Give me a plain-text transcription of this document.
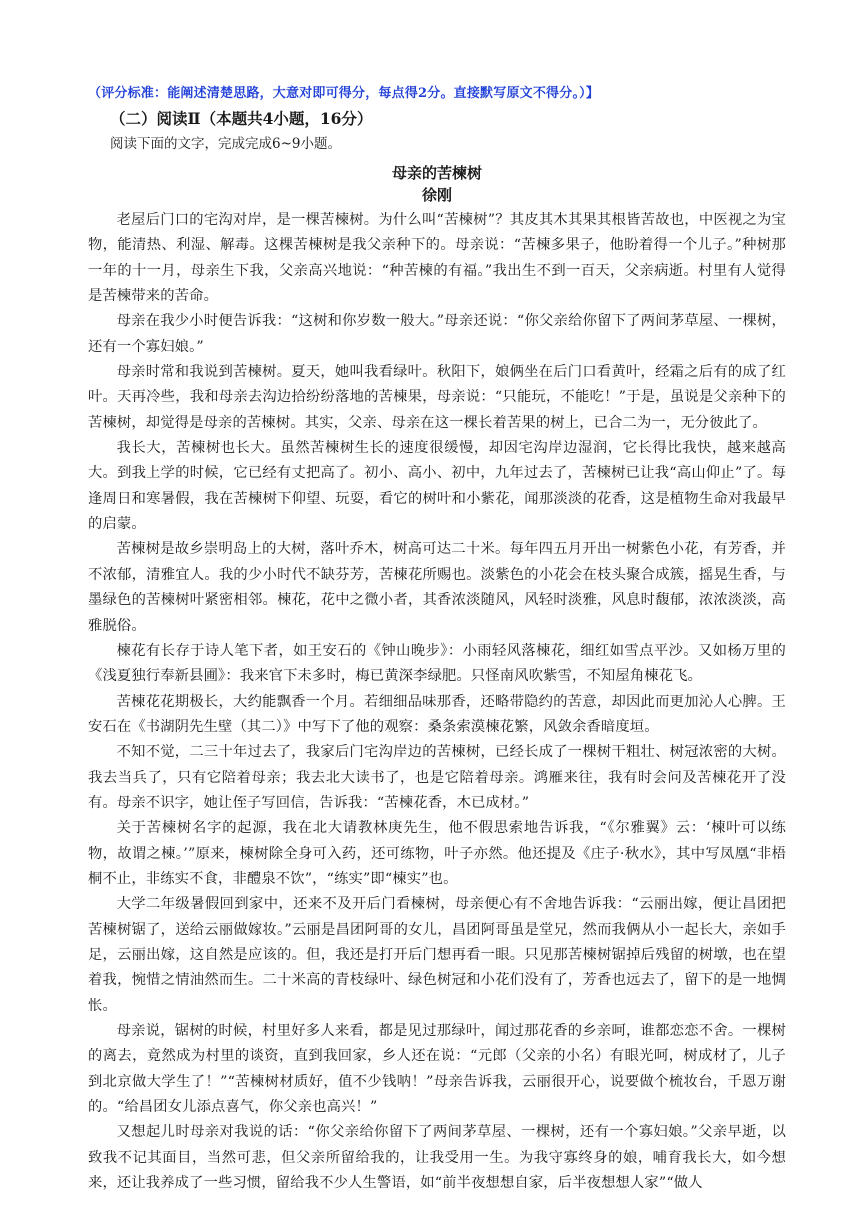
（评分标准：能阐述清楚思路，大意对即可得分，每点得2分。直接默写原文不得分。）】
（二）阅读Ⅱ（本题共4小题，16分）
阅读下面的文字，完成完成6~9小题。
母亲的苦楝树
徐刚

老屋后门口的宅沟对岸，是一棵苦楝树。为什么叫“苦楝树”？其皮其木其果其根皆苦故也，中医视之为宝物，能清热、利湿、解毒。这棵苦楝树是我父亲种下的。母亲说：“苦楝多果子，他盼着得一个儿子。”种树那一年的十一月，母亲生下我，父亲高兴地说：“种苦楝的有福。”我出生不到一百天，父亲病逝。村里有人觉得是苦楝带来的苦命。

母亲在我少小时便告诉我：“这树和你岁数一般大。”母亲还说：“你父亲给你留下了两间茅草屋、一棵树，还有一个寡妇娘。”

母亲时常和我说到苦楝树。夏天，她叫我看绿叶。秋阳下，娘俩坐在后门口看黄叶，经霜之后有的成了红叶。天再冷些，我和母亲去沟边拾纷纷落地的苦楝果，母亲说：“只能玩，不能吃！”于是，虽说是父亲种下的苦楝树，却觉得是母亲的苦楝树。其实，父亲、母亲在这一棵长着苦果的树上，已合二为一，无分彼此了。

我长大，苦楝树也长大。虽然苦楝树生长的速度很缓慢，却因宅沟岸边湿润，它长得比我快，越来越高大。到我上学的时候，它已经有丈把高了。初小、高小、初中，九年过去了，苦楝树已让我“高山仰止”了。每逢周日和寒暑假，我在苦楝树下仰望、玩耍，看它的树叶和小紫花，闻那淡淡的花香，这是植物生命对我最早的启蒙。

苦楝树是故乡崇明岛上的大树，落叶乔木，树高可达二十米。每年四五月开出一树紫色小花，有芳香，并不浓郁，清雅宜人。我的少小时代不缺芬芳，苦楝花所赐也。淡紫色的小花会在枝头聚合成簇，摇晃生香，与墨绿色的苦楝树叶紧密相邻。楝花，花中之微小者，其香浓淡随风，风轻时淡雅，风息时馥郁，浓浓淡淡，高雅脱俗。

楝花有长存于诗人笔下者，如王安石的《钟山晚步》：小雨轻风落楝花，细红如雪点平沙。又如杨万里的《浅夏独行奉新县圃》：我来官下未多时，梅已黄深李绿肥。只怪南风吹紫雪，不知屋角楝花飞。

苦楝花花期极长，大约能飘香一个月。若细细品味那香，还略带隐约的苦意，却因此而更加沁人心脾。王安石在《书湖阴先生壁（其二）》中写下了他的观察：桑条索漠楝花繁，风敛余香暗度垣。

不知不觉，二三十年过去了，我家后门宅沟岸边的苦楝树，已经长成了一棵树干粗壮、树冠浓密的大树。我去当兵了，只有它陪着母亲；我去北大读书了，也是它陪着母亲。鸿雁来往，我有时会问及苦楝花开了没有。母亲不识字，她让侄子写回信，告诉我：“苦楝花香，木已成材。”

关于苦楝树名字的起源，我在北大请教林庚先生，他不假思索地告诉我，“《尔雅翼》云：‘楝叶可以练物，故谓之楝。’”原来，楝树除全身可入药，还可练物，叶子亦然。他还提及《庄子·秋水》，其中写凤凰“非梧桐不止，非练实不食，非醴泉不饮”，“练实”即“楝实”也。

大学二年级暑假回到家中，还来不及开后门看楝树，母亲便心有不舍地告诉我：“云丽出嫁，便让昌团把苦楝树锯了，送给云丽做嫁妆。”云丽是昌团阿哥的女儿，昌团阿哥虽是堂兄，然而我俩从小一起长大，亲如手足，云丽出嫁，这自然是应该的。但，我还是打开后门想再看一眼。只见那苦楝树锯掉后残留的树墩，也在望着我，惋惜之情油然而生。二十米高的青枝绿叶、绿色树冠和小花们没有了，芳香也远去了，留下的是一地惆怅。

母亲说，锯树的时候，村里好多人来看，都是见过那绿叶，闻过那花香的乡亲呵，谁都恋恋不舍。一棵树的离去，竟然成为村里的谈资，直到我回家，乡人还在说：“元郎（父亲的小名）有眼光呵，树成材了，儿子到北京做大学生了！”“苦楝树材质好，值不少钱呐！”母亲告诉我，云丽很开心，说要做个梳妆台，千恩万谢的。“给昌团女儿添点喜气，你父亲也高兴！”

又想起儿时母亲对我说的话：“你父亲给你留下了两间茅草屋、一棵树，还有一个寡妇娘。”父亲早逝，以致我不记其面目，当然可悲，但父亲所留给我的，让我受用一生。为我守寡终身的娘，哺育我长大，如今想来，还让我养成了一些习惯，留给我不少人生警语，如“前半夜想想自家，后半夜想想人家”“做人
